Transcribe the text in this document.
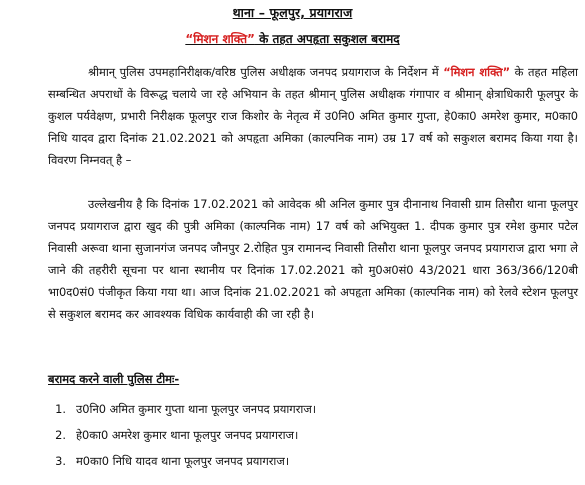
थाना – फूलपुर, प्रयागराज
“मिशन शक्ति” के तहत अपहृता सकुशल बरामद
श्रीमान् पुलिस उपमहानिरीक्षक/वरिष्ठ पुलिस अधीक्षक जनपद प्रयागराज के निर्देशन में “मिशन शक्ति” के तहत महिला सम्बन्धित अपराधों के विरूद्ध चलाये जा रहे अभियान के तहत श्रीमान् पुलिस अधीक्षक गंगापार व श्रीमान् क्षेत्राधिकारी फूलपुर के कुशल पर्यवेक्षण, प्रभारी निरीक्षक फूलपुर राज किशोर के नेतृत्व में उ0नि0 अमित कुमार गुप्ता, हे0का0 अमरेश कुमार, म0का0 निधि यादव द्वारा दिनांक 21.02.2021 को अपहृता अमिका (काल्पनिक नाम) उम्र 17 वर्ष को सकुशल बरामद किया गया है। विवरण निम्नवत् है –
उल्लेखनीय है कि दिनांक 17.02.2021 को आवेदक श्री अनिल कुमार पुत्र दीनानाथ निवासी ग्राम तिसौरा थाना फूलपुर जनपद प्रयागराज द्वारा खुद की पुत्री अमिका (काल्पनिक नाम) 17 वर्ष को अभियुक्त 1. दीपक कुमार पुत्र रमेश कुमार पटेल निवासी अरूवा थाना सुजानगंज जनपद जौनपुर 2.रोहित पुत्र रामानन्द निवासी तिसौरा थाना फूलपुर जनपद प्रयागराज द्वारा भगा ले जाने की तहरीरी सूचना पर थाना स्थानीय पर दिनांक 17.02.2021 को मु0अ0सं0 43/2021 धारा 363/366/120बी भा0द0सं0 पंजीकृत किया गया था। आज दिनांक 21.02.2021 को अपहृता अमिका (काल्पनिक नाम) को रेलवे स्टेशन फूलपुर से सकुशल बरामद कर आवश्यक विधिक कार्यवाही की जा रही है।
बरामद करने वाली पुलिस टीमः-
1. उ0नि0 अमित कुमार गुप्ता थाना फूलपुर जनपद प्रयागराज।
2. हे0का0 अमरेश कुमार थाना फूलपुर जनपद प्रयागराज।
3. म0का0 निधि यादव थाना फूलपुर जनपद प्रयागराज।
